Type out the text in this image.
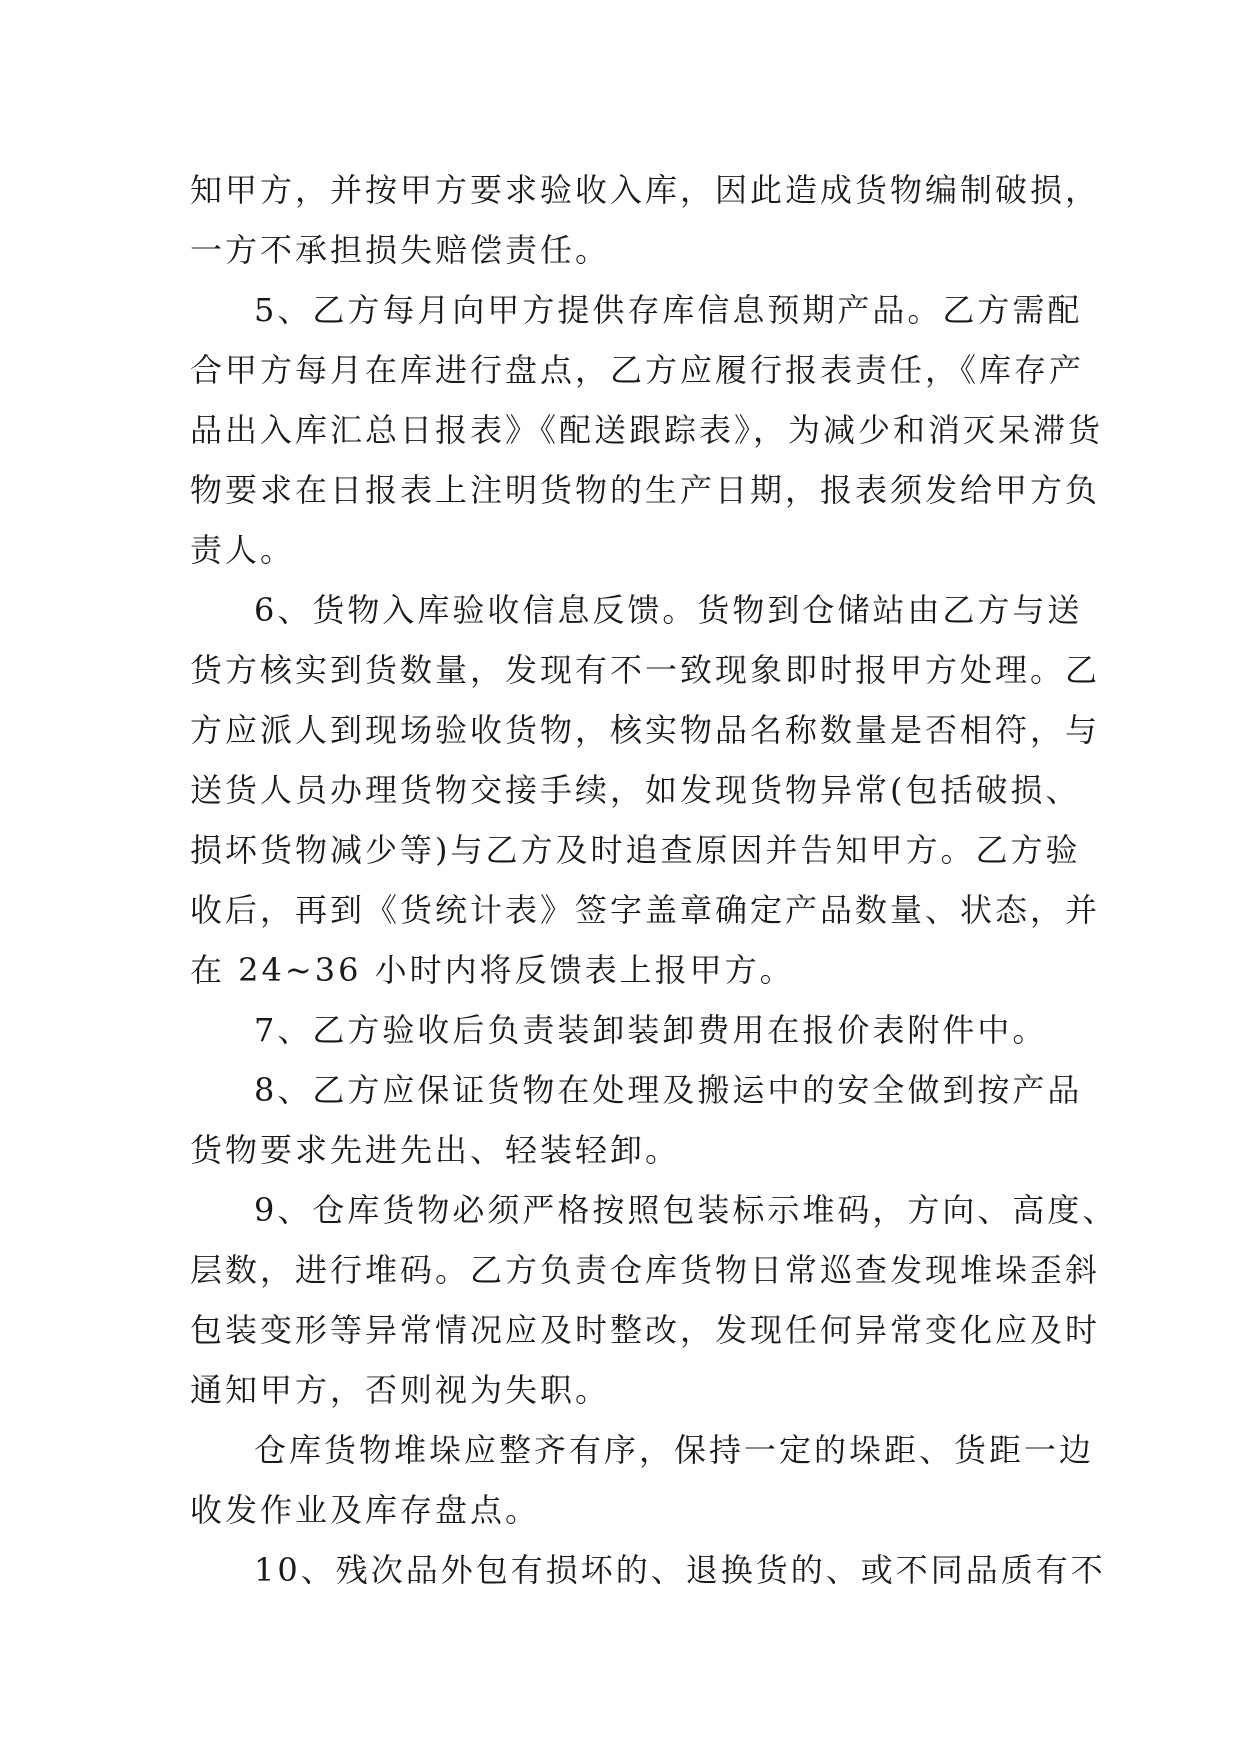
知甲方，并按甲方要求验收入库，因此造成货物编制破损，
一方不承担损失赔偿责任。
5、乙方每月向甲方提供存库信息预期产品。乙方需配
合甲方每月在库进行盘点，乙方应履行报表责任，《库存产
品出入库汇总日报表》《配送跟踪表》，为减少和消灭呆滞货
物要求在日报表上注明货物的生产日期，报表须发给甲方负
责人。
6、货物入库验收信息反馈。货物到仓储站由乙方与送
货方核实到货数量，发现有不一致现象即时报甲方处理。乙
方应派人到现场验收货物，核实物品名称数量是否相符，与
送货人员办理货物交接手续，如发现货物异常(包括破损、
损坏货物减少等)与乙方及时追查原因并告知甲方。乙方验
收后，再到《货统计表》签字盖章确定产品数量、状态，并
在 24~36 小时内将反馈表上报甲方。
7、乙方验收后负责装卸装卸费用在报价表附件中。
8、乙方应保证货物在处理及搬运中的安全做到按产品
货物要求先进先出、轻装轻卸。
9、仓库货物必须严格按照包装标示堆码，方向、高度、
层数，进行堆码。乙方负责仓库货物日常巡查发现堆垛歪斜
包装变形等异常情况应及时整改，发现任何异常变化应及时
通知甲方，否则视为失职。
仓库货物堆垛应整齐有序，保持一定的垛距、货距一边
收发作业及库存盘点。
10、残次品外包有损坏的、退换货的、或不同品质有不
